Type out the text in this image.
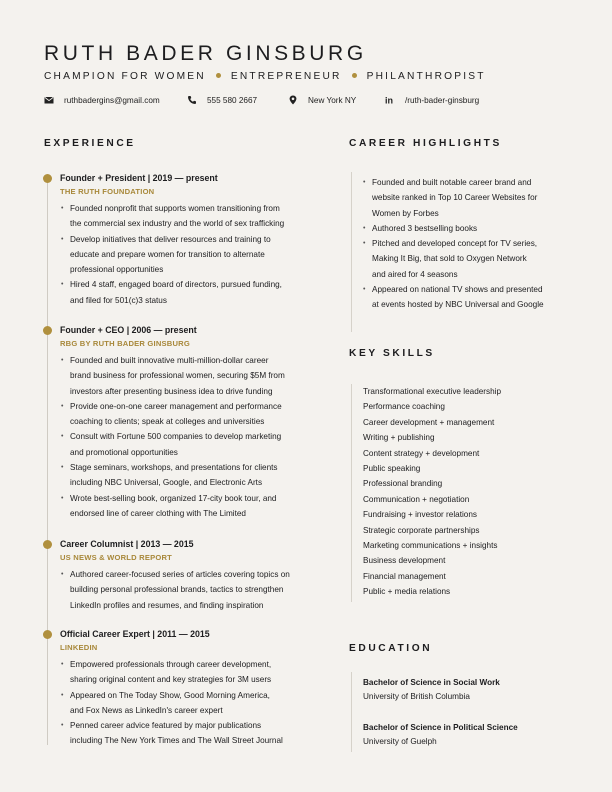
RUTH BADER GINSBURG
CHAMPION FOR WOMEN ENTREPRENEUR PHILANTHROPIST
ruthbadergins@gmail.com	555 580 2667	New York NY	in /ruth-bader-ginsburg
EXPERIENCE
Founder + President | 2019 — present
THE RUTH FOUNDATION
• Founded nonprofit that supports women transitioning from
the commercial sex industry and the world of sex trafficking
• Develop initiatives that deliver resources and training to
educate and prepare women for transition to alternate
professional opportunities
• Hired 4 staff, engaged board of directors, pursued funding,
and filed for 501(c)3 status
Founder + CEO | 2006 — present
RBG BY RUTH BADER GINSBURG
• Founded and built innovative multi-million-dollar career
brand business for professional women, securing $5M from
investors after presenting business idea to drive funding
• Provide one-on-one career management and performance
coaching to clients; speak at colleges and universities
• Consult with Fortune 500 companies to develop marketing
and promotional opportunities
• Stage seminars, workshops, and presentations for clients
including NBC Universal, Google, and Electronic Arts
• Wrote best-selling book, organized 17-city book tour, and
endorsed line of career clothing with The Limited
Career Columnist | 2013 — 2015
US NEWS & WORLD REPORT
• Authored career-focused series of articles covering topics on
building personal professional brands, tactics to strengthen
LinkedIn profiles and resumes, and finding inspiration
Official Career Expert | 2011 — 2015
LINKEDIN
• Empowered professionals through career development,
sharing original content and key strategies for 3M users
• Appeared on The Today Show, Good Morning America,
and Fox News as LinkedIn's career expert
• Penned career advice featured by major publications
including The New York Times and The Wall Street Journal
CAREER HIGHLIGHTS
• Founded and built notable career brand and
website ranked in Top 10 Career Websites for
Women by Forbes
• Authored 3 bestselling books
• Pitched and developed concept for TV series,
Making It Big, that sold to Oxygen Network
and aired for 4 seasons
• Appeared on national TV shows and presented
at events hosted by NBC Universal and Google
KEY SKILLS
Transformational executive leadership
Performance coaching
Career development + management
Writing + publishing
Content strategy + development
Public speaking
Professional branding
Communication + negotiation
Fundraising + investor relations
Strategic corporate partnerships
Marketing communications + insights
Business development
Financial management
Public + media relations
EDUCATION
Bachelor of Science in Social Work
University of British Columbia
Bachelor of Science in Political Science
University of Guelph
